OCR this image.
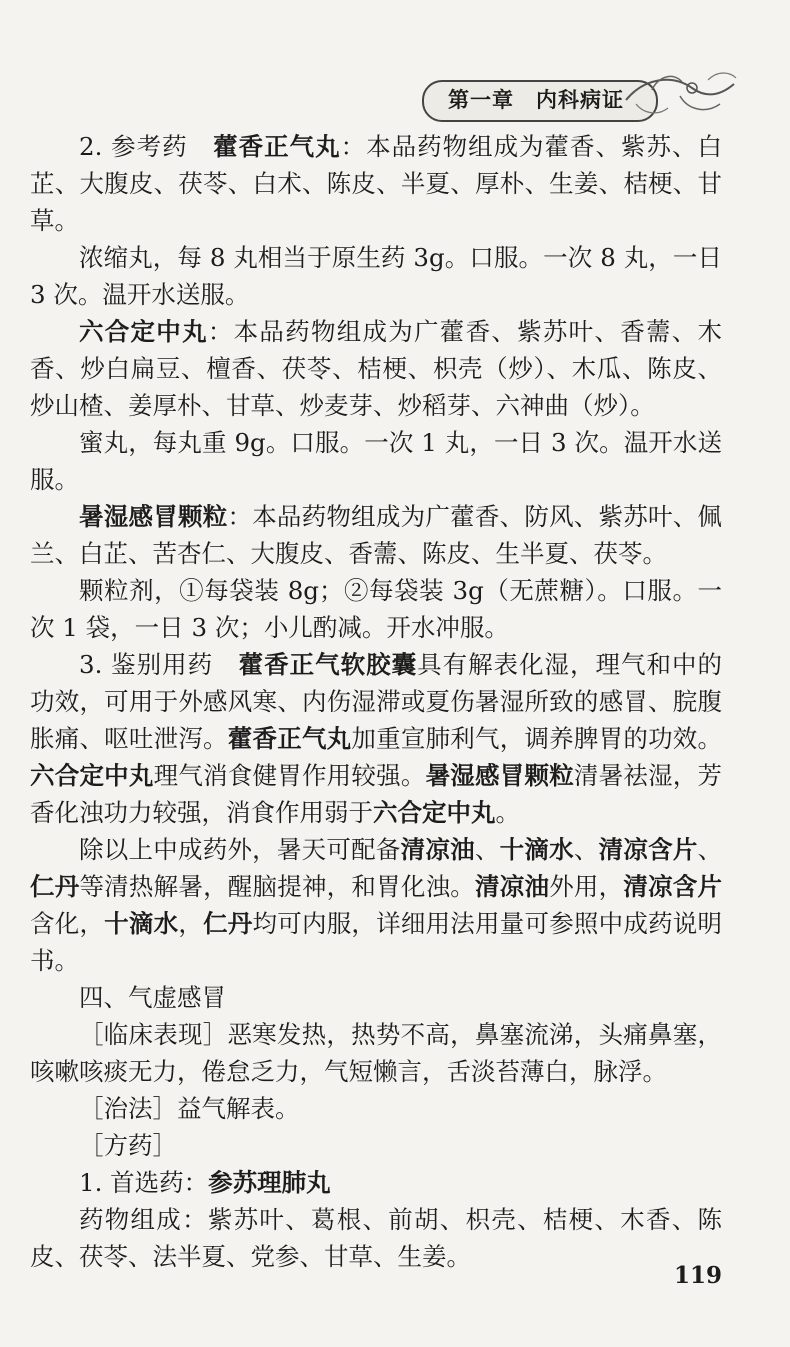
第一章　内科病证

2. 参考药　藿香正气丸：本品药物组成为藿香、紫苏、白芷、大腹皮、茯苓、白术、陈皮、半夏、厚朴、生姜、桔梗、甘草。

浓缩丸，每 8 丸相当于原生药 3g。口服。一次 8 丸，一日 3 次。温开水送服。

六合定中丸：本品药物组成为广藿香、紫苏叶、香薷、木香、炒白扁豆、檀香、茯苓、桔梗、枳壳（炒）、木瓜、陈皮、炒山楂、姜厚朴、甘草、炒麦芽、炒稻芽、六神曲（炒）。

蜜丸，每丸重 9g。口服。一次 1 丸，一日 3 次。温开水送服。

暑湿感冒颗粒：本品药物组成为广藿香、防风、紫苏叶、佩兰、白芷、苦杏仁、大腹皮、香薷、陈皮、生半夏、茯苓。

颗粒剂，①每袋装 8g；②每袋装 3g（无蔗糖）。口服。一次 1 袋，一日 3 次；小儿酌减。开水冲服。

3. 鉴别用药　藿香正气软胶囊具有解表化湿，理气和中的功效，可用于外感风寒、内伤湿滞或夏伤暑湿所致的感冒、脘腹胀痛、呕吐泄泻。藿香正气丸加重宣肺利气，调养脾胃的功效。六合定中丸理气消食健胃作用较强。暑湿感冒颗粒清暑祛湿，芳香化浊功力较强，消食作用弱于六合定中丸。

除以上中成药外，暑天可配备清凉油、十滴水、清凉含片、仁丹等清热解暑，醒脑提神，和胃化浊。清凉油外用，清凉含片含化，十滴水，仁丹均可内服，详细用法用量可参照中成药说明书。

四、气虚感冒

［临床表现］恶寒发热，热势不高，鼻塞流涕，头痛鼻塞，咳嗽咳痰无力，倦怠乏力，气短懒言，舌淡苔薄白，脉浮。

［治法］益气解表。

［方药］

1. 首选药：参苏理肺丸

药物组成：紫苏叶、葛根、前胡、枳壳、桔梗、木香、陈皮、茯苓、法半夏、党参、甘草、生姜。

119
